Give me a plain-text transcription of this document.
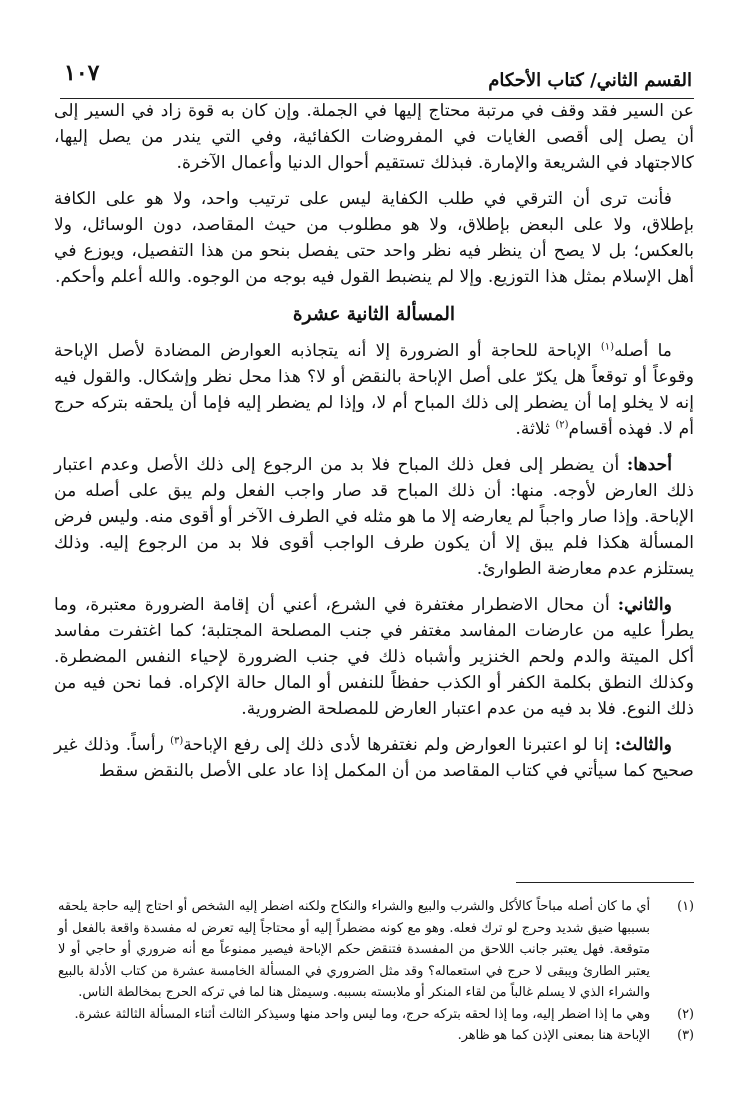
القسم الثاني/ كتاب الأحكام
١٠٧

عن السير فقد وقف في مرتبة محتاج إليها في الجملة. وإن كان به قوة زاد في السير إلى أن يصل إلى أقصى الغايات في المفروضات الكفائية، وفي التي يندر من يصل إليها، كالاجتهاد في الشريعة والإمارة. فبذلك تستقيم أحوال الدنيا وأعمال الآخرة.

فأنت ترى أن الترقي في طلب الكفاية ليس على ترتيب واحد، ولا هو على الكافة بإطلاق، ولا على البعض بإطلاق، ولا هو مطلوب من حيث المقاصد، دون الوسائل، ولا بالعكس؛ بل لا يصح أن ينظر فيه نظر واحد حتى يفصل بنحو من هذا التفصيل، ويوزع في أهل الإسلام بمثل هذا التوزيع. وإلا لم ينضبط القول فيه بوجه من الوجوه. والله أعلم وأحكم.

المسألة الثانية عشرة

ما أصله$^{(١)}$ الإباحة للحاجة أو الضرورة إلا أنه يتجاذبه العوارض المضادة لأصل الإباحة وقوعاً أو توقعاً هل يكرّ على أصل الإباحة بالنقض أو لا؟ هذا محل نظر وإشكال. والقول فيه إنه لا يخلو إما أن يضطر إلى ذلك المباح أم لا، وإذا لم يضطر إليه فإما أن يلحقه بتركه حرج أم لا. فهذه أقسام$^{(٢)}$ ثلاثة.

أحدها: أن يضطر إلى فعل ذلك المباح فلا بد من الرجوع إلى ذلك الأصل وعدم اعتبار ذلك العارض لأوجه. منها: أن ذلك المباح قد صار واجب الفعل ولم يبق على أصله من الإباحة. وإذا صار واجباً لم يعارضه إلا ما هو مثله في الطرف الآخر أو أقوى منه. وليس فرض المسألة هكذا فلم يبق إلا أن يكون طرف الواجب أقوى فلا بد من الرجوع إليه. وذلك يستلزم عدم معارضة الطوارئ.

والثاني: أن محال الاضطرار مغتفرة في الشرع، أعني أن إقامة الضرورة معتبرة، وما يطرأ عليه من عارضات المفاسد مغتفر في جنب المصلحة المجتلبة؛ كما اغتفرت مفاسد أكل الميتة والدم ولحم الخنزير وأشباه ذلك في جنب الضرورة لإحياء النفس المضطرة. وكذلك النطق بكلمة الكفر أو الكذب حفظاً للنفس أو المال حالة الإكراه. فما نحن فيه من ذلك النوع. فلا بد فيه من عدم اعتبار العارض للمصلحة الضرورية.

والثالث: إنا لو اعتبرنا العوارض ولم نغتفرها لأدى ذلك إلى رفع الإباحة$^{(٣)}$ رأساً. وذلك غير صحيح كما سيأتي في كتاب المقاصد من أن المكمل إذا عاد على الأصل بالنقض سقط

(١)
أي ما كان أصله مباحاً كالأكل والشرب والبيع والشراء والنكاح ولكنه اضطر إليه الشخص أو احتاج إليه حاجة يلحقه بسببها ضيق شديد وحرج لو ترك فعله. وهو مع كونه مضطراً إليه أو محتاجاً إليه تعرض له مفسدة واقعة بالفعل أو متوقعة. فهل يعتبر جانب اللاحق من المفسدة فتنقض حكم الإباحة فيصير ممنوعاً مع أنه ضروري أو حاجي أو لا يعتبر الطارئ ويبقى لا حرج في استعماله؟ وقد مثل الضروري في المسألة الخامسة عشرة من كتاب الأدلة بالبيع والشراء الذي لا يسلم غالباً من لقاء المنكر أو ملابسته بسببه. وسيمثل هنا لما في تركه الحرج بمخالطة الناس.

(٢)
وهي ما إذا اضطر إليه، وما إذا لحقه بتركه حرج، وما ليس واحد منها وسيذكر الثالث أثناء المسألة الثالثة عشرة.

(٣)
الإباحة هنا بمعنى الإذن كما هو ظاهر.
